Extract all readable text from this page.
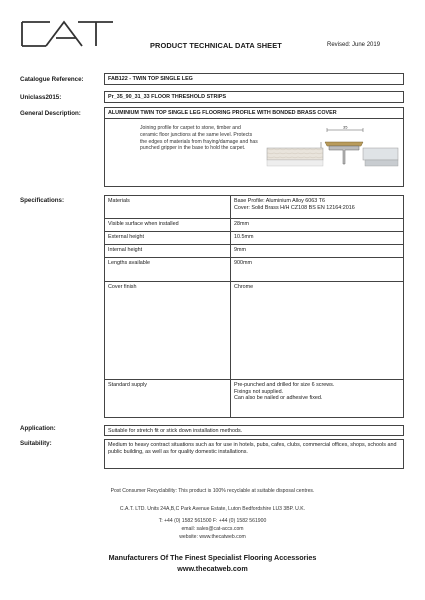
PRODUCT TECHNICAL DATA SHEET	Revised: June 2019
Catalogue Reference:	FAB122 - TWIN TOP SINGLE LEG
Uniclass2015:	Pr_35_90_31_33 FLOOR THRESHOLD STRIPS
General Description:	ALUMINIUM TWIN TOP SINGLE LEG FLOORING PROFILE WITH BONDED BRASS COVER
Joining profile for carpet to stone, timber and ceramic floor junctions at the same level. Protects the edges of materials from fraying/damage and has punched gripper in the base to hold the carpet.
35
Specifications:	Materials	Base Profile: Aluminium Alloy 6063 T6
Cover: Solid Brass H/H CZ108 BS EN 12164:2016

Visible surface when installed	28mm
External height	10.5mm
Internal height	9mm
Lengths available	900mm
Cover finish	Chrome
Standard supply	Pre-punched and drilled for size 6 screws.
Fixings not supplied.
Can also be nailed or adhesive fixed.
Application:	Suitable for stretch fit or stick down installation methods.
Suitability:	Medium to heavy contract situations such as for use in hotels, pubs, cafes, clubs, commercial offices, shops, schools and public building, as well as for quality domestic installations.
Post Consumer Recyclability: This product is 100% recyclable at suitable disposal centres.
C.A.T. LTD. Units 24A,B,C Park Avenue Estate, Luton Bedfordshire LU3 3BP. U.K.
T: +44 (0) 1582 561500 F: +44 (0) 1582 561900
email: sales@cat-accs.com
website: www.thecatweb.com
Manufacturers Of The Finest Specialist Flooring Accessories
www.thecatweb.com
